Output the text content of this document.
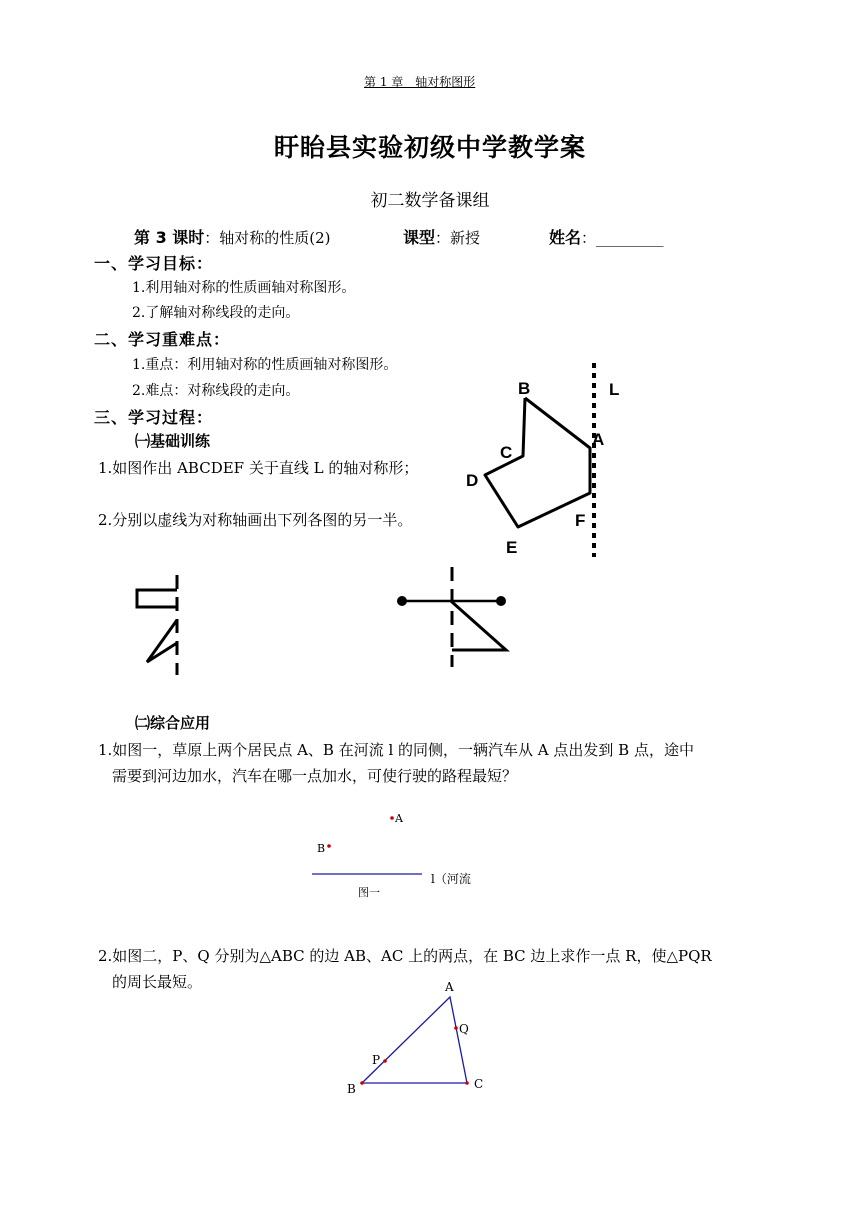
第 1 章　轴对称图形
盱眙县实验初级中学教学案
初二数学备课组
第 3 课时：轴对称的性质(2)	课型：新授	姓名：_________
一、学习目标：
1.利用轴对称的性质画轴对称图形。
2.了解轴对称线段的走向。
二、学习重难点：
1.重点：利用轴对称的性质画轴对称图形。
2.难点：对称线段的走向。
三、学习过程：
㈠基础训练
1.如图作出 ABCDEF 关于直线 L 的轴对称形；
2.分别以虚线为对称轴画出下列各图的另一半。
B	L
A
C
D
F
E
㈡综合应用
1.如图一，草原上两个居民点 A、B 在河流 l 的同侧，一辆汽车从 A 点出发到 B 点，途中
需要到河边加水，汽车在哪一点加水，可使行驶的路程最短？
A
B
l（河流
图一
2.如图二，P、Q 分别为△ABC 的边 AB、AC 上的两点，在 BC 边上求作一点 R，使△PQR
的周长最短。	A
B	C
P
Q
